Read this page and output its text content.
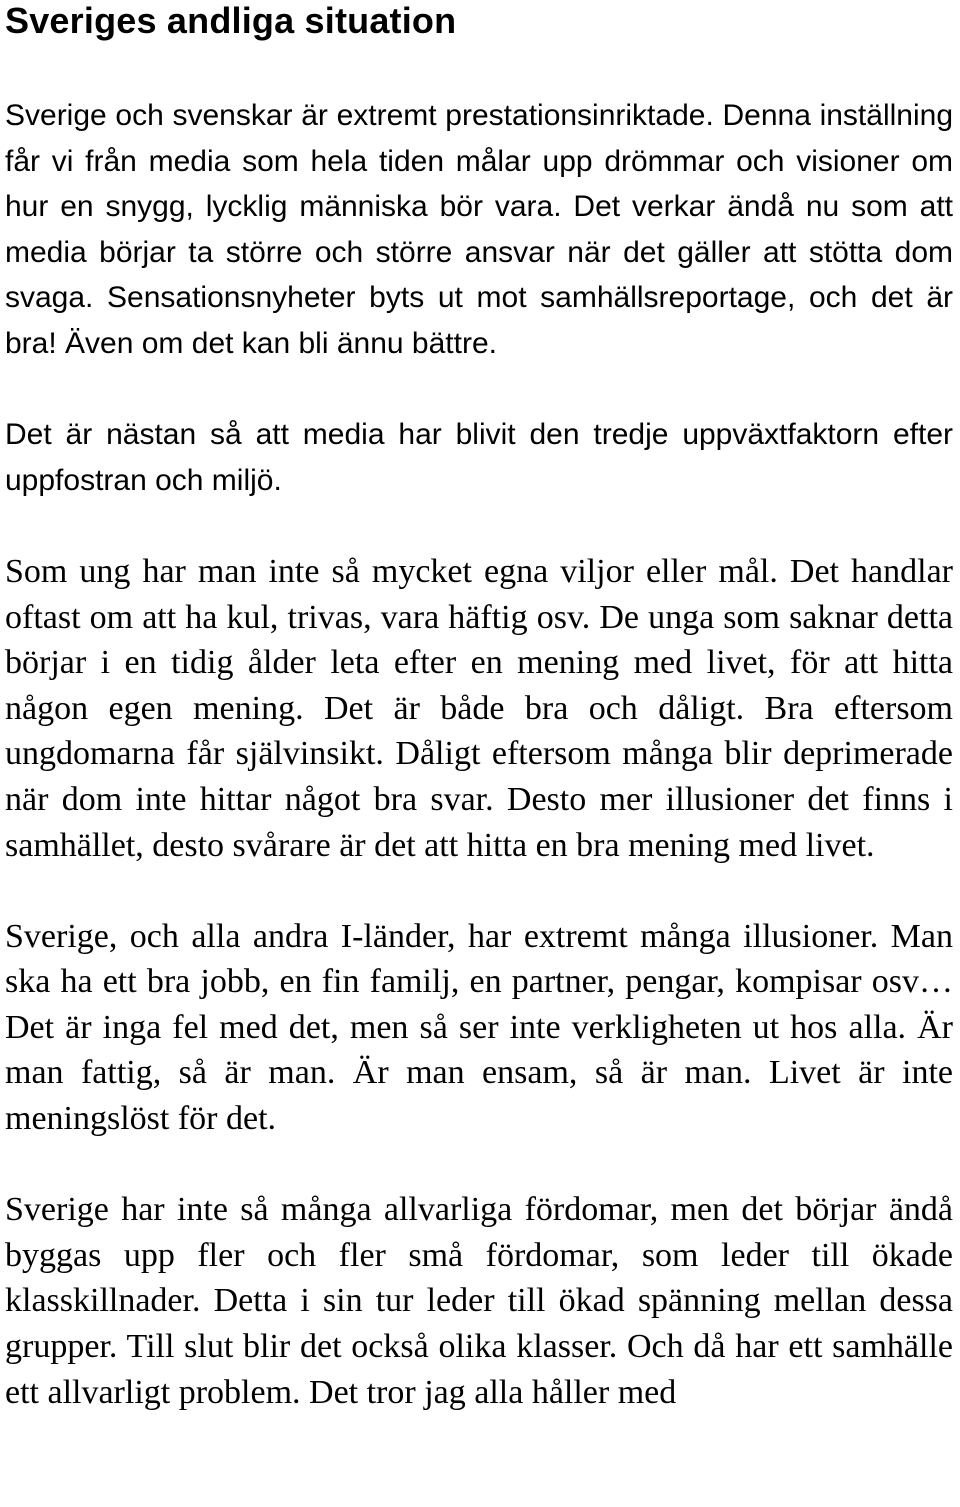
Sveriges andliga situation

Sverige och svenskar är extremt prestationsinriktade. Denna inställning får vi från media som hela tiden målar upp drömmar och visioner om hur en snygg, lycklig människa bör vara. Det verkar ändå nu som att media börjar ta större och större ansvar när det gäller att stötta dom svaga. Sensationsnyheter byts ut mot samhällsreportage, och det är bra! Även om det kan bli ännu bättre.

Det är nästan så att media har blivit den tredje uppväxtfaktorn efter uppfostran och miljö.

Som ung har man inte så mycket egna viljor eller mål. Det handlar oftast om att ha kul, trivas, vara häftig osv. De unga som saknar detta börjar i en tidig ålder leta efter en mening med livet, för att hitta någon egen mening. Det är både bra och dåligt. Bra eftersom ungdomarna får självinsikt. Dåligt eftersom många blir deprimerade när dom inte hittar något bra svar. Desto mer illusioner det finns i samhället, desto svårare är det att hitta en bra mening med livet.

Sverige, och alla andra I-länder, har extremt många illusioner. Man ska ha ett bra jobb, en fin familj, en partner, pengar, kompisar osv… Det är inga fel med det, men så ser inte verkligheten ut hos alla. Är man fattig, så är man. Är man ensam, så är man. Livet är inte meningslöst för det.

Sverige har inte så många allvarliga fördomar, men det börjar ändå byggas upp fler och fler små fördomar, som leder till ökade klasskillnader. Detta i sin tur leder till ökad spänning mellan dessa grupper. Till slut blir det också olika klasser. Och då har ett samhälle ett allvarligt problem. Det tror jag alla håller med
